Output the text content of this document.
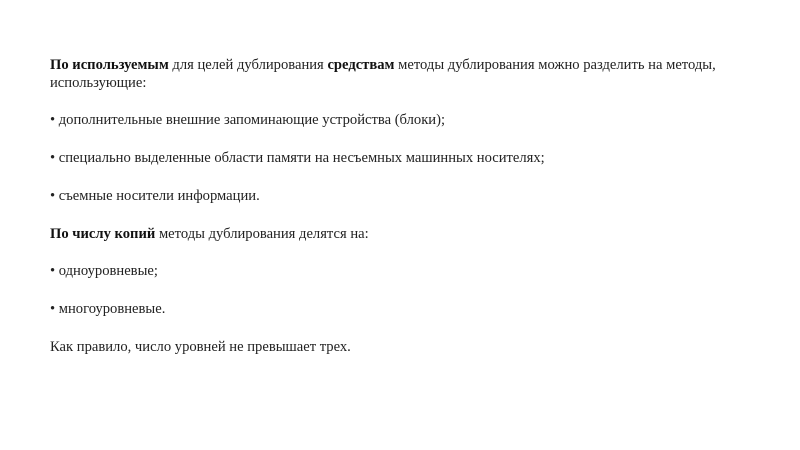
По используемым для целей дублирования средствам методы дублирования можно разделить на методы, использующие:

• дополнительные внешние запоминающие устройства (блоки);

• специально выделенные области памяти на несъемных машинных носителях;

• съемные носители информации.

По числу копий методы дублирования делятся на:

• одноуровневые;

• многоуровневые.

Как правило, число уровней не превышает трех.
